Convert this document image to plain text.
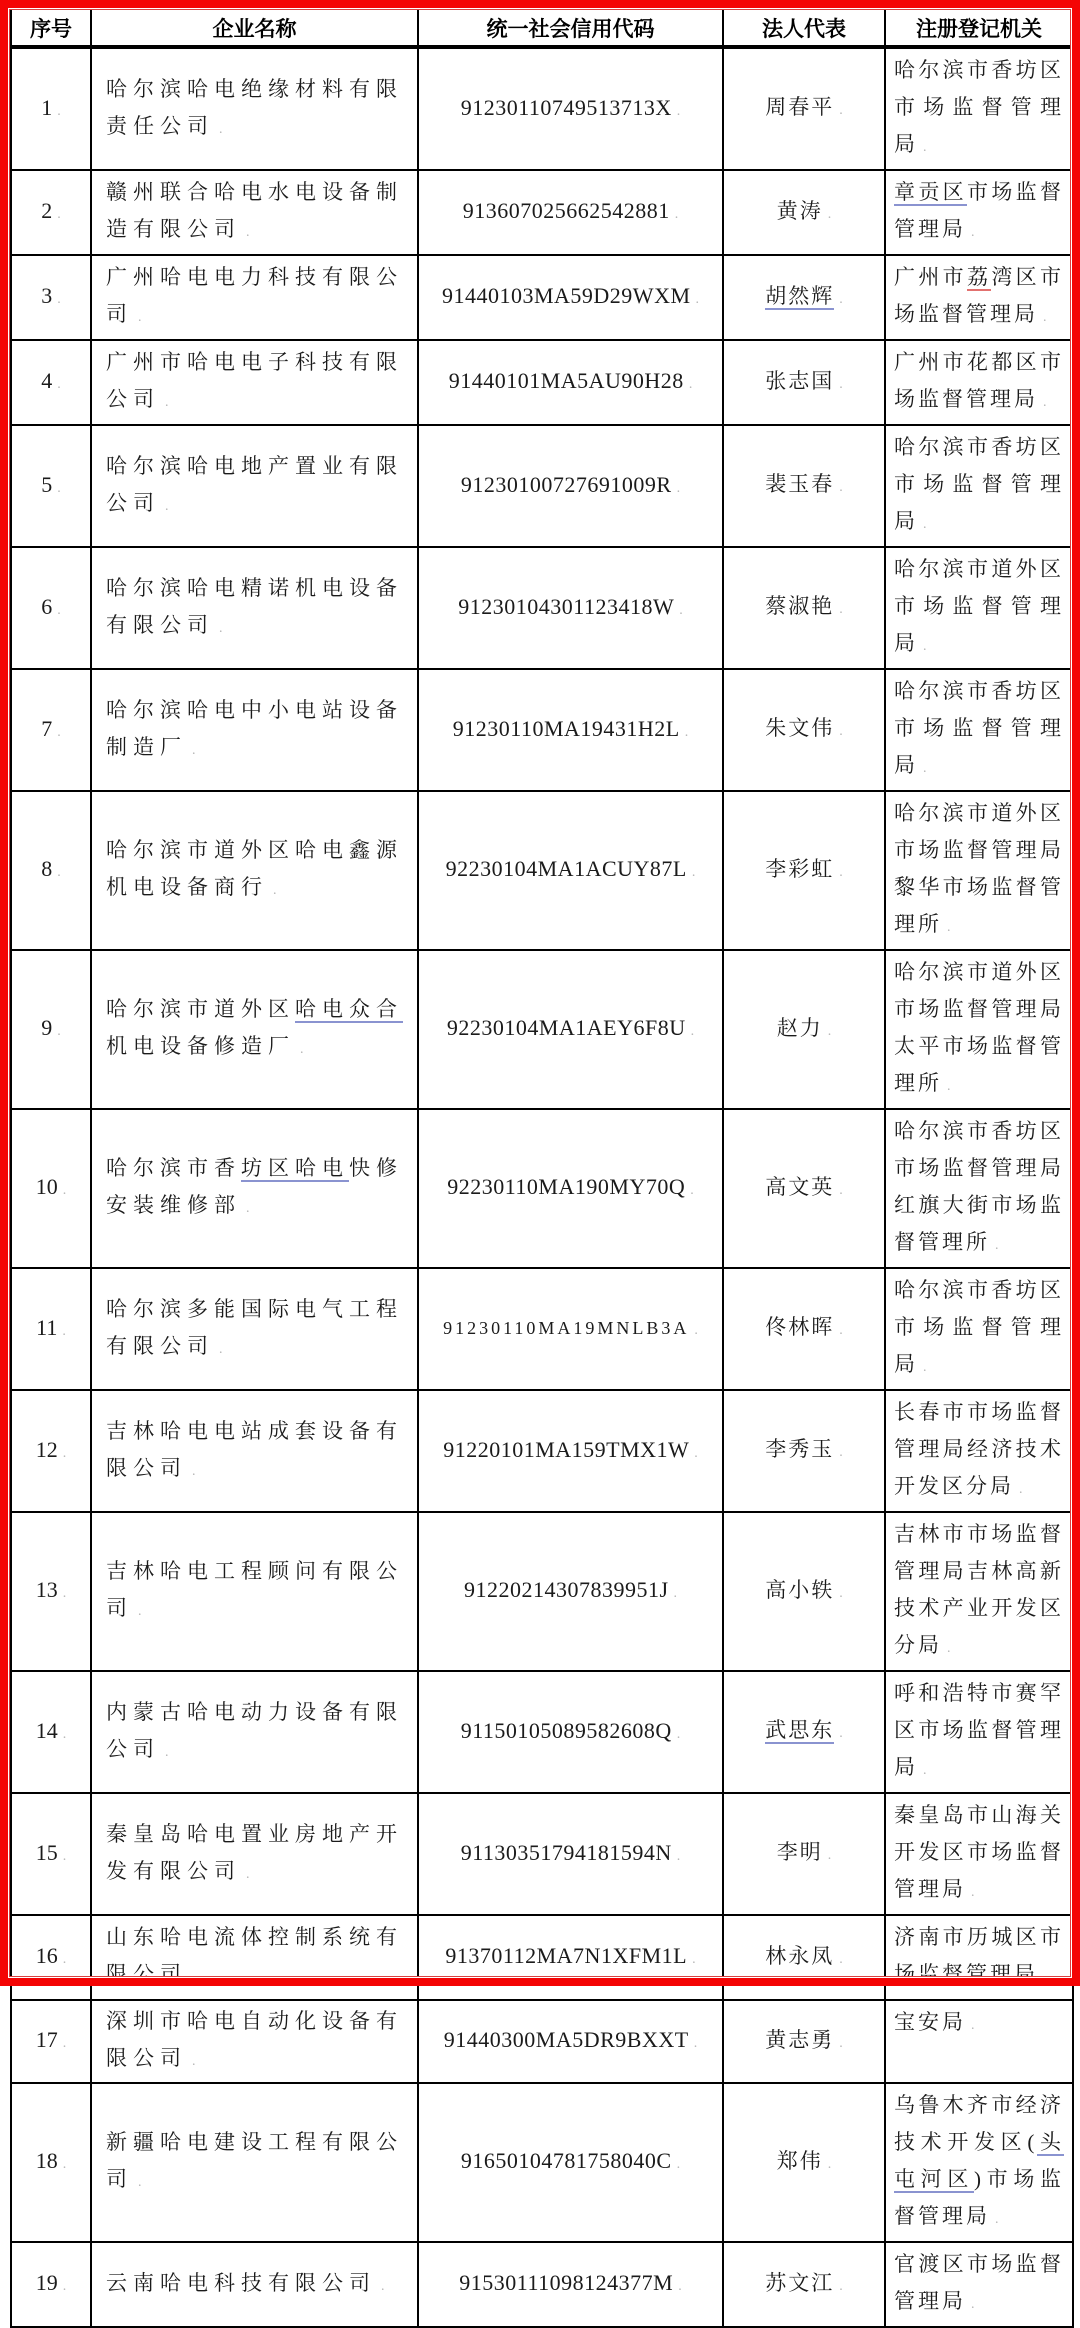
序号	企业名称	统一社会信用代码	法人代表	注册登记机关
1 .	哈尔滨哈电绝缘材料有限责任公司 .	91230110749513713X .	周春平 .	哈尔滨市香坊区市场监督管理局 .
2 .	赣州联合哈电水电设备制造有限公司 .	913607025662542881 .	黄涛 .	章贡区市场监督管理局 .
3 .	广州哈电电力科技有限公司 .	91440103MA59D29WXM .	胡然辉 .	广州市荔湾区市场监督管理局 .
4 .	广州市哈电电子科技有限公司 .	91440101MA5AU90H28 .	张志国 .	广州市花都区市场监督管理局 .
5 .	哈尔滨哈电地产置业有限公司 .	91230100727691009R .	裴玉春 .	哈尔滨市香坊区市场监督管理局 .
6 .	哈尔滨哈电精诺机电设备有限公司 .	91230104301123418W .	蔡淑艳 .	哈尔滨市道外区市场监督管理局 .
7 .	哈尔滨哈电中小电站设备制造厂 .	91230110MA19431H2L .	朱文伟 .	哈尔滨市香坊区市场监督管理局 .
8 .	哈尔滨市道外区哈电鑫源机电设备商行 .	92230104MA1ACUY87L .	李彩虹 .	哈尔滨市道外区市场监督管理局黎华市场监督管理所 .
9 .	哈尔滨市道外区哈电众合机电设备修造厂 .	92230104MA1AEY6F8U .	赵力 .	哈尔滨市道外区市场监督管理局太平市场监督管理所 .
10 .	哈尔滨市香坊区哈电快修安装维修部 .	92230110MA190MY70Q .	高文英 .	哈尔滨市香坊区市场监督管理局红旗大街市场监督管理所 .
11 .	哈尔滨多能国际电气工程有限公司 .	91230110MA19MNLB3A .	佟林晖 .	哈尔滨市香坊区市场监督管理局 .
12 .	吉林哈电电站成套设备有限公司 .	91220101MA159TMX1W .	李秀玉 .	长春市市场监督管理局经济技术开发区分局 .
13 .	吉林哈电工程顾问有限公司 .	91220214307839951J .	高小轶 .	吉林市市场监督管理局吉林高新技术产业开发区分局 .
14 .	内蒙古哈电动力设备有限公司 .	91150105089582608Q .	武思东 .	呼和浩特市赛罕区市场监督管理局 .
15 .	秦皇岛哈电置业房地产开发有限公司 .	91130351794181594N .	李明 .	秦皇岛市山海关开发区市场监督管理局 .
16 .	山东哈电流体控制系统有限公司 .	91370112MA7N1XFM1L .	林永凤 .	济南市历城区市场监督管理局 .
17 .	深圳市哈电自动化设备有限公司 .	91440300MA5DR9BXXT .	黄志勇 .	宝安局 .
18 .	新疆哈电建设工程有限公司 .	91650104781758040C .	郑伟 .	乌鲁木齐市经济技术开发区(头屯河区)市场监督管理局 .
19 .	云南哈电科技有限公司 .	91530111098124377M .	苏文江 .	官渡区市场监督管理局 .
